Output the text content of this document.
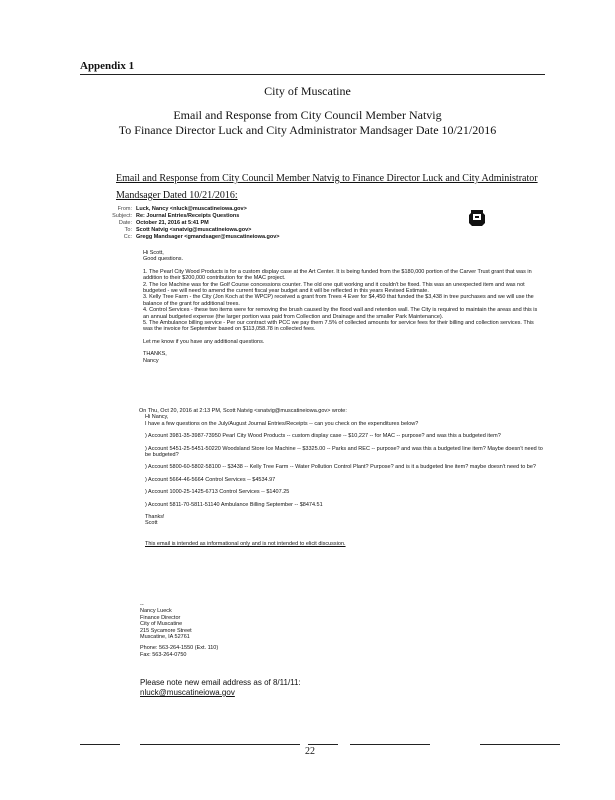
Appendix 1
City of Muscatine
Email and Response from City Council Member Natvig
To Finance Director Luck and City Administrator Mandsager Date 10/21/2016
Email and Response from City Council Member Natvig to Finance Director Luck and City Administrator Mandsager Dated 10/21/2016:
From: Luck, Nancy <nluck@muscatineiowa.gov>
Subject: Re: Journal Entries/Receipts Questions
Date: October 21, 2016 at 5:41 PM
To: Scott Natvig <snatvig@muscatineiowa.gov>
Cc: Gregg Mandsager <gmandsager@muscatineiowa.gov>

Hi Scott,

Good questions.

1. The Pearl City Wood Products is for a custom display case at the Art Center. It is being funded from the $180,000 portion of the Carver Trust grant that was in addition to their $200,000 contribution for the MAC project.

2. The Ice Machine was for the Golf Course concessions counter. The old one quit working and it couldn't be fixed. This was an unexpected item and was not budgeted - we will need to amend the current fiscal year budget and it will be reflected in this years Revised Estimate.

3. Kelly Tree Farm - the City (Jon Koch at the WPCP) received a grant from Trees 4 Ever for $4,450 that funded the $3,438 in tree purchases and we will use the balance of the grant for additional trees.

4. Control Services - these two items were for removing the brush caused by the flood wall and retention wall. The City is required to maintain the areas and this is an annual budgeted expense (the larger portion was paid from Collection and Drainage and the smaller Park Maintenance).

5. The Ambulance billing service - Per our contract with PCC we pay them 7.5% of collected amounts for service fees for their billing and collection services. This was the invoice for September based on $113,058.78 in collected fees.

Let me know if you have any additional questions.

THANKS,

Nancy

On Thu, Oct 20, 2016 at 2:13 PM, Scott Natvig <snatvig@muscatineiowa.gov> wrote:

Hi Nancy,

I have a few questions on the July/August Journal Entries/Receipts -- can you check on the expenditures below?

) Account 3981-35-3987-73950 Pearl City Wood Products -- custom display case -- $10,227 -- for MAC -- purpose? and was this a budgeted item?

) Account 5451-25-5451-50220 Woodsland Store Ice Machine -- $3325.00 -- Parks and REC -- purpose? and was this a budgeted line item? Maybe doesn't need to be budgeted?

) Account 5800-60-5802-58100 -- $3438 -- Kelly Tree Farm -- Water Pollution Control Plant? Purpose? and is it a budgeted line item? maybe doesn't need to be?

) Account 5664-46-5664 Control Services -- $4534.97

) Account 1000-25-1425-6713 Control Services -- $1407.25

) Account 5811-70-5811-51140 Ambulance Billing September -- $8474.51

Thanks!

Scott

This email is intended as informational only and is not intended to elicit discussion.

--
Nancy Lueck
Finance Director
City of Muscatine
215 Sycamore Street
Muscatine, IA 52761
Phone: 563-264-1550 (Ext. 110)
Fax: 563-264-0750
Please note new email address as of 8/11/11:
nluck@muscatineiowa.gov
22
